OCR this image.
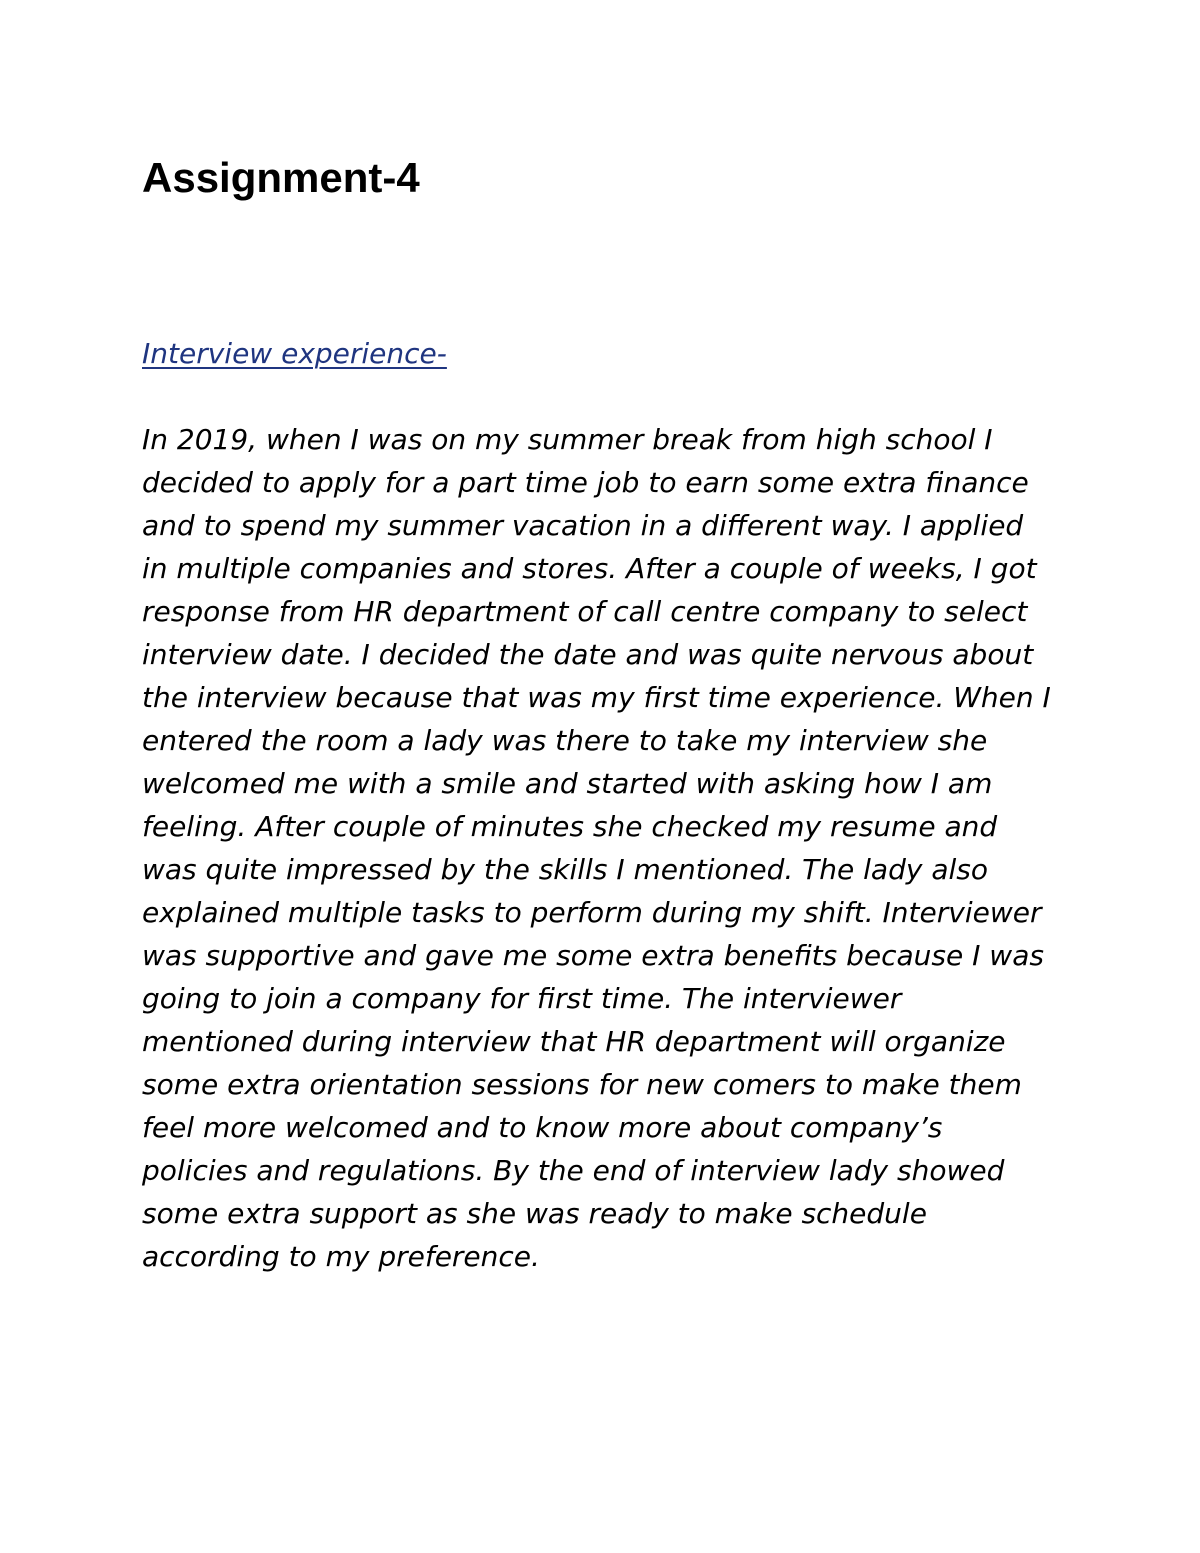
Assignment-4

Interview experience-

In 2019, when I was on my summer break from high school I
decided to apply for a part time job to earn some extra finance
and to spend my summer vacation in a different way. I applied
in multiple companies and stores. After a couple of weeks, I got
response from HR department of call centre company to select
interview date. I decided the date and was quite nervous about
the interview because that was my first time experience. When I
entered the room a lady was there to take my interview she
welcomed me with a smile and started with asking how I am
feeling. After couple of minutes she checked my resume and
was quite impressed by the skills I mentioned. The lady also
explained multiple tasks to perform during my shift. Interviewer
was supportive and gave me some extra benefits because I was
going to join a company for first time. The interviewer
mentioned during interview that HR department will organize
some extra orientation sessions for new comers to make them
feel more welcomed and to know more about company’s
policies and regulations. By the end of interview lady showed
some extra support as she was ready to make schedule
according to my preference.
